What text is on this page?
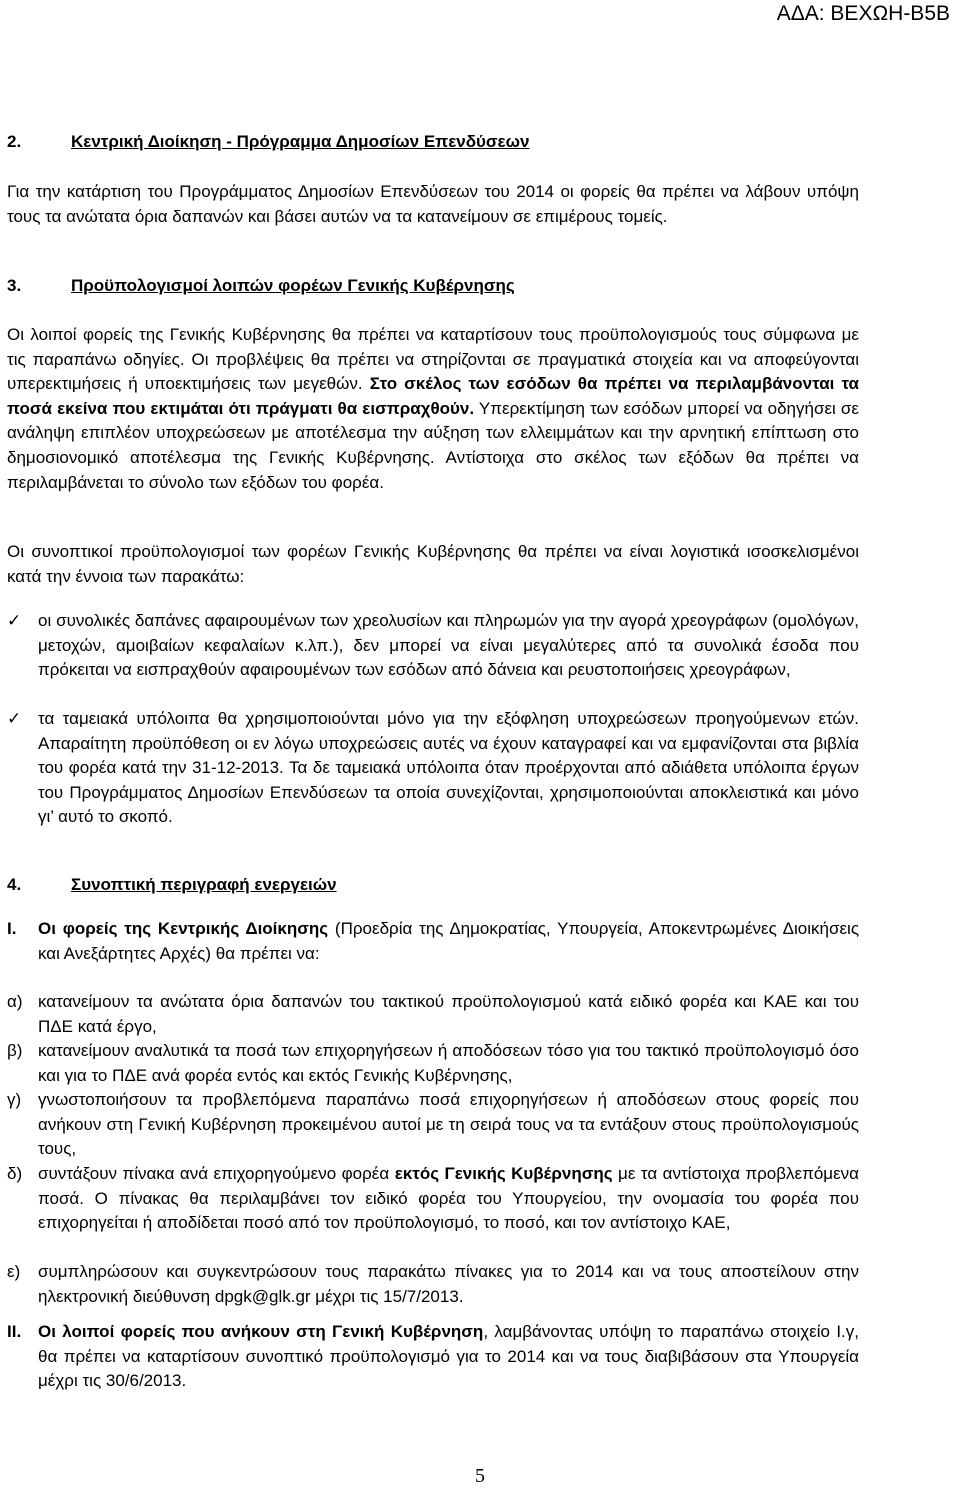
ΑΔΑ: ΒΕΧΩΗ-Β5Β
2.	Κεντρική Διοίκηση - Πρόγραμμα Δημοσίων Επενδύσεων
Για την κατάρτιση του Προγράμματος Δημοσίων Επενδύσεων του 2014 οι φορείς θα πρέπει να λάβουν υπόψη τους τα ανώτατα όρια δαπανών και βάσει αυτών να τα κατανείμουν σε επιμέρους τομείς.
3.	Προϋπολογισμοί λοιπών φορέων Γενικής Κυβέρνησης
Οι λοιποί φορείς της Γενικής Κυβέρνησης θα πρέπει να καταρτίσουν τους προϋπολογισμούς τους σύμφωνα με τις παραπάνω οδηγίες. Οι προβλέψεις θα πρέπει να στηρίζονται σε πραγματικά στοιχεία και να αποφεύγονται υπερεκτιμήσεις ή υποεκτιμήσεις των μεγεθών. Στο σκέλος των εσόδων θα πρέπει να περιλαμβάνονται τα ποσά εκείνα που εκτιμάται ότι πράγματι θα εισπραχθούν. Υπερεκτίμηση των εσόδων μπορεί να οδηγήσει σε ανάληψη επιπλέον υποχρεώσεων με αποτέλεσμα την αύξηση των ελλειμμάτων και την αρνητική επίπτωση στο δημοσιονομικό αποτέλεσμα της Γενικής Κυβέρνησης. Αντίστοιχα στο σκέλος των εξόδων θα πρέπει να περιλαμβάνεται το σύνολο των εξόδων του φορέα.
Οι συνοπτικοί προϋπολογισμοί των φορέων Γενικής Κυβέρνησης θα πρέπει να είναι λογιστικά ισοσκελισμένοι κατά την έννοια των παρακάτω:
✓ οι συνολικές δαπάνες αφαιρουμένων των χρεολυσίων και πληρωμών για την αγορά χρεογράφων (ομολόγων, μετοχών, αμοιβαίων κεφαλαίων κ.λπ.), δεν μπορεί να είναι μεγαλύτερες από τα συνολικά έσοδα που πρόκειται να εισπραχθούν αφαιρουμένων των εσόδων από δάνεια και ρευστοποιήσεις χρεογράφων,
✓ τα ταμειακά υπόλοιπα θα χρησιμοποιούνται μόνο για την εξόφληση υποχρεώσεων προηγούμενων ετών. Απαραίτητη προϋπόθεση οι εν λόγω υποχρεώσεις αυτές να έχουν καταγραφεί και να εμφανίζονται στα βιβλία του φορέα κατά την 31-12-2013. Τα δε ταμειακά υπόλοιπα όταν προέρχονται από αδιάθετα υπόλοιπα έργων του Προγράμματος Δημοσίων Επενδύσεων τα οποία συνεχίζονται, χρησιμοποιούνται αποκλειστικά και μόνο γι’ αυτό το σκοπό.
4.	Συνοπτική περιγραφή ενεργειών
I. Οι φορείς της Κεντρικής Διοίκησης (Προεδρία της Δημοκρατίας, Υπουργεία, Αποκεντρωμένες Διοικήσεις και Ανεξάρτητες Αρχές) θα πρέπει να:
α) κατανείμουν τα ανώτατα όρια δαπανών του τακτικού προϋπολογισμού κατά ειδικό φορέα και ΚΑΕ και του ΠΔΕ κατά έργο,
β) κατανείμουν αναλυτικά τα ποσά των επιχορηγήσεων ή αποδόσεων τόσο για του τακτικό προϋπολογισμό όσο και για το ΠΔΕ ανά φορέα εντός και εκτός Γενικής Κυβέρνησης,
γ) γνωστοποιήσουν τα προβλεπόμενα παραπάνω ποσά επιχορηγήσεων ή αποδόσεων στους φορείς που ανήκουν στη Γενική Κυβέρνηση προκειμένου αυτοί με τη σειρά τους να τα εντάξουν στους προϋπολογισμούς τους,
δ) συντάξουν πίνακα ανά επιχορηγούμενο φορέα εκτός Γενικής Κυβέρνησης με τα αντίστοιχα προβλεπόμενα ποσά. Ο πίνακας θα περιλαμβάνει τον ειδικό φορέα του Υπουργείου, την ονομασία του φορέα που επιχορηγείται ή αποδίδεται ποσό από τον προϋπολογισμό, το ποσό, και τον αντίστοιχο ΚΑΕ,
ε) συμπληρώσουν και συγκεντρώσουν τους παρακάτω πίνακες για το 2014 και να τους αποστείλουν στην ηλεκτρονική διεύθυνση dpgk@glk.gr μέχρι τις 15/7/2013.
II. Οι λοιποί φορείς που ανήκουν στη Γενική Κυβέρνηση, λαμβάνοντας υπόψη το παραπάνω στοιχείο I.γ, θα πρέπει να καταρτίσουν συνοπτικό προϋπολογισμό για το 2014 και να τους διαβιβάσουν στα Υπουργεία μέχρι τις 30/6/2013.
5
